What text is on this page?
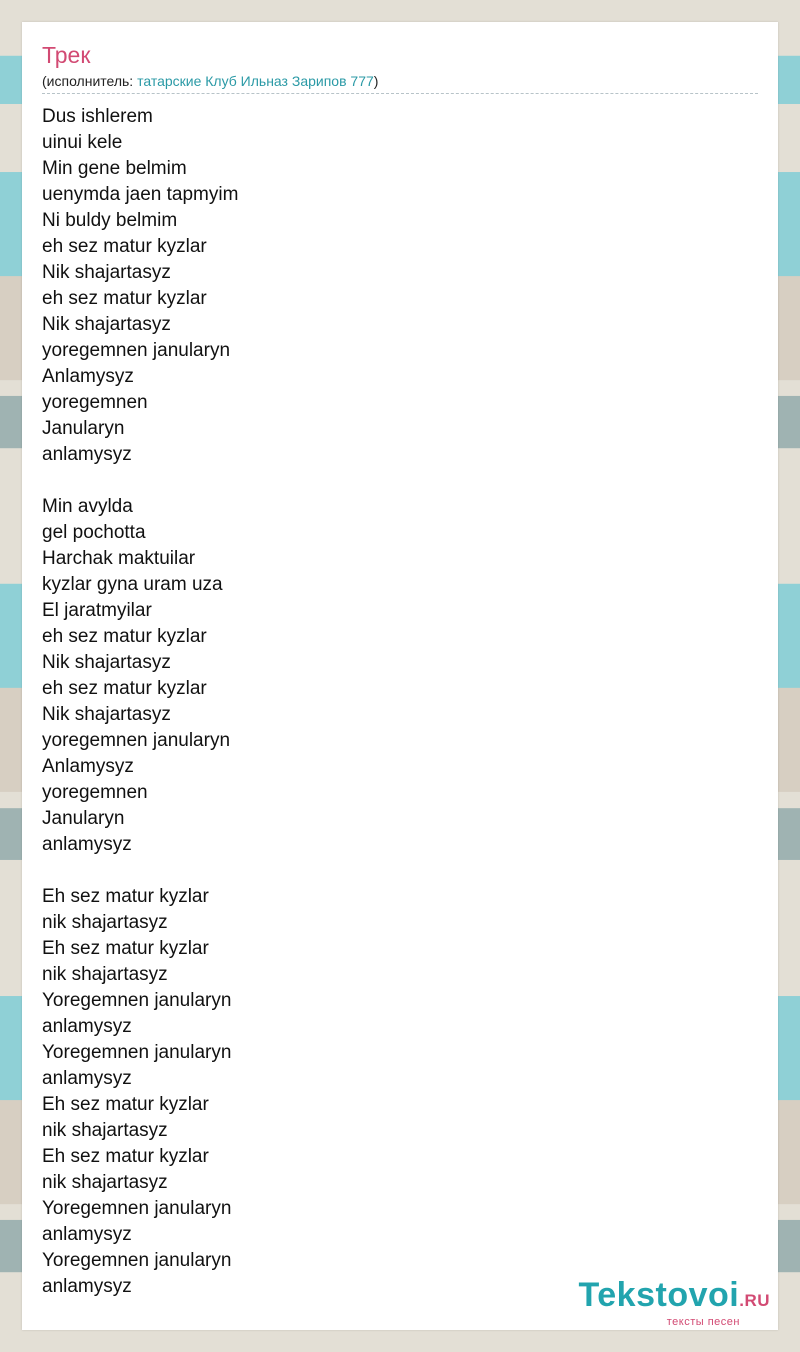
Трек
(исполнитель: татарские Клуб Ильназ Зарипов 777)
Dus ishlerem
uinui kele
Min gene belmim
uenymda jaen tapmyim
Ni buldy belmim
eh sez matur kyzlar
Nik shajartasyz
eh sez matur kyzlar
Nik shajartasyz
yoregemnen janularyn
Anlamysyz
yoregemnen
Janularyn
anlamysyz
Min avylda
gel pochotta
Harchak maktuilar
kyzlar gyna uram uza
El jaratmyilar
eh sez matur kyzlar
Nik shajartasyz
eh sez matur kyzlar
Nik shajartasyz
yoregemnen janularyn
Anlamysyz
yoregemnen
Janularyn
anlamysyz
Eh sez matur kyzlar
nik shajartasyz
Eh sez matur kyzlar
nik shajartasyz
Yoregemnen janularyn
anlamysyz
Yoregemnen janularyn
anlamysyz
Eh sez matur kyzlar
nik shajartasyz
Eh sez matur kyzlar
nik shajartasyz
Yoregemnen janularyn
anlamysyz
Yoregemnen janularyn
anlamysyz	Tekstovoi.RU
тексты песен
